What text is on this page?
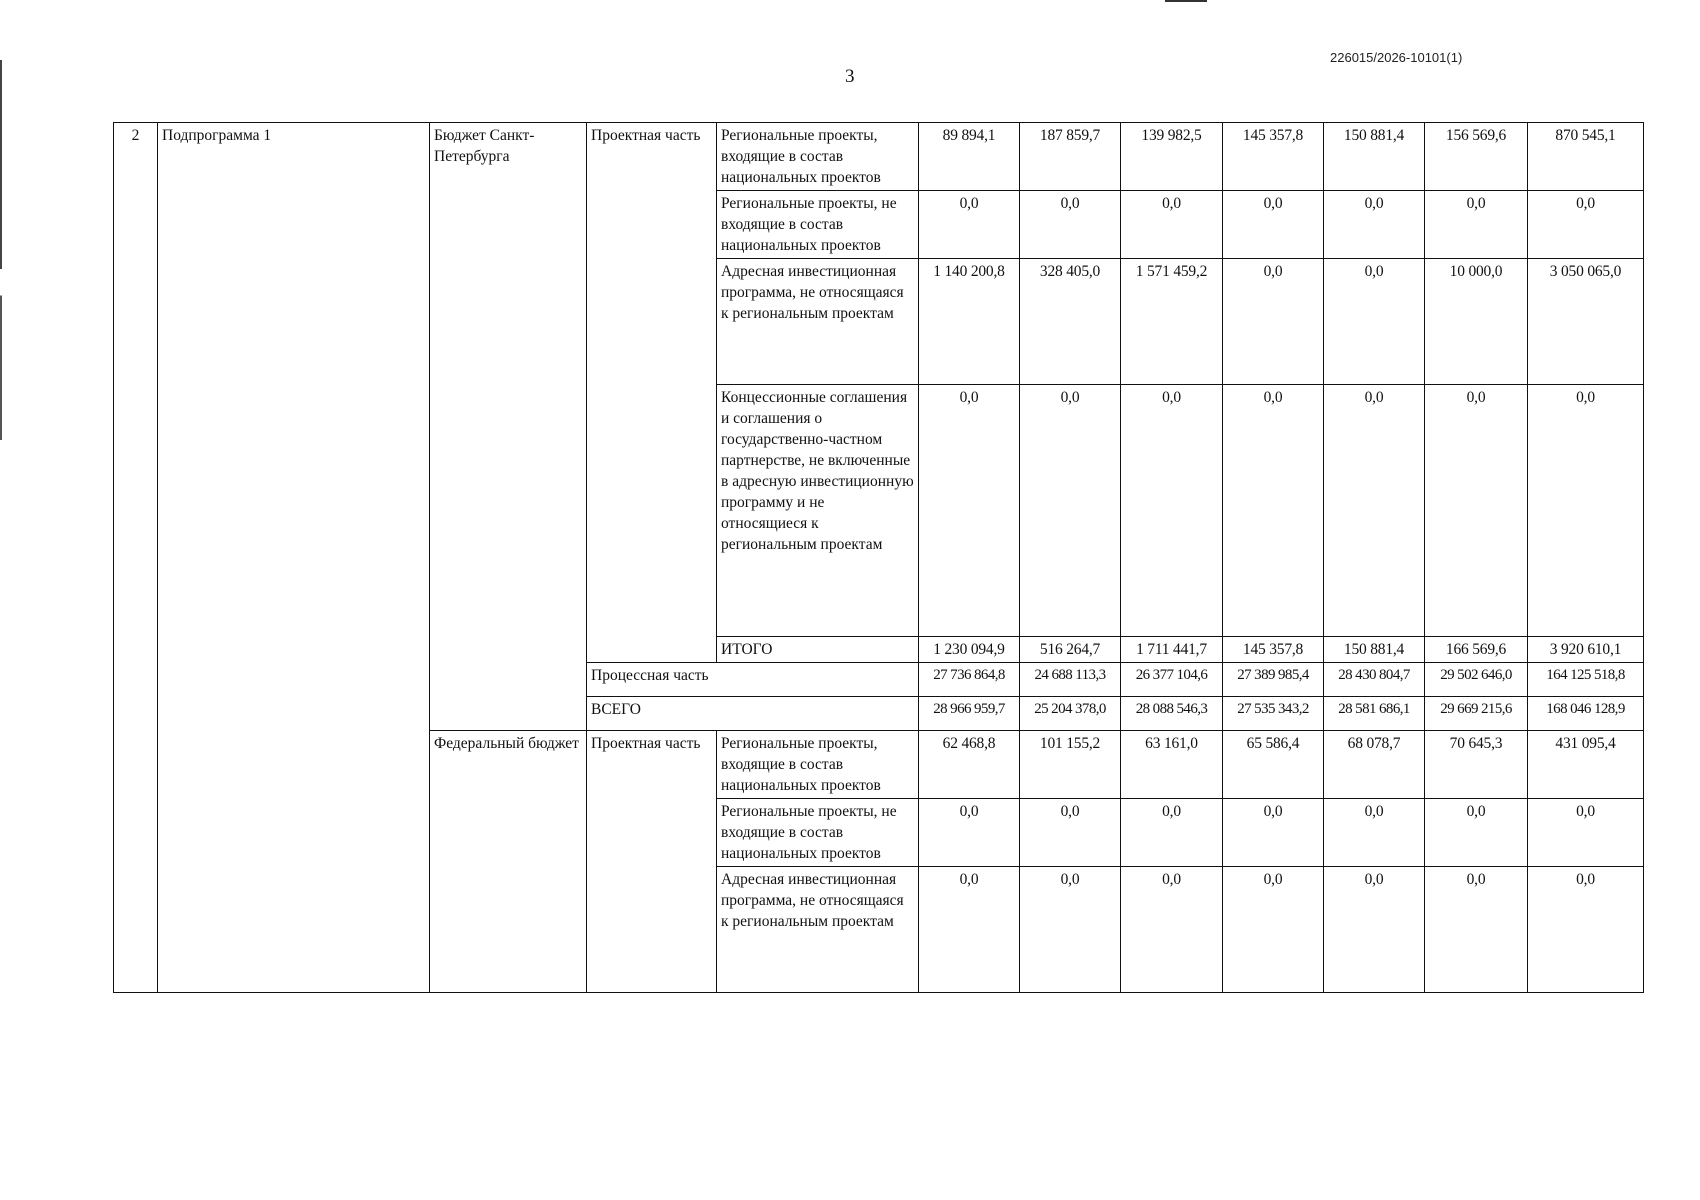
226015/2026-10101(1)
3
2	Подпрограмма 1	Бюджет Санкт-Петербурга	Проектная часть	Региональные проекты, входящие в состав национальных проектов	89 894,1	187 859,7	139 982,5	145 357,8	150 881,4	156 569,6	870 545,1
				Региональные проекты, не входящие в состав национальных проектов	0,0	0,0	0,0	0,0	0,0	0,0	0,0
				Адресная инвестиционная программа, не относящаяся к региональным проектам	1 140 200,8	328 405,0	1 571 459,2	0,0	0,0	10 000,0	3 050 065,0
				Концессионные соглашения и соглашения о государственно-частном партнерстве, не включенные в адресную инвестиционную программу и не относящиеся к региональным проектам	0,0	0,0	0,0	0,0	0,0	0,0	0,0
				ИТОГО	1 230 094,9	516 264,7	1 711 441,7	145 357,8	150 881,4	166 569,6	3 920 610,1
			Процессная часть		27 736 864,8	24 688 113,3	26 377 104,6	27 389 985,4	28 430 804,7	29 502 646,0	164 125 518,8
			ВСЕГО		28 966 959,7	25 204 378,0	28 088 546,3	27 535 343,2	28 581 686,1	29 669 215,6	168 046 128,9
		Федеральный бюджет	Проектная часть	Региональные проекты, входящие в состав национальных проектов	62 468,8	101 155,2	63 161,0	65 586,4	68 078,7	70 645,3	431 095,4
				Региональные проекты, не входящие в состав национальных проектов	0,0	0,0	0,0	0,0	0,0	0,0	0,0
				Адресная инвестиционная программа, не относящаяся к региональным проектам	0,0	0,0	0,0	0,0	0,0	0,0	0,0
